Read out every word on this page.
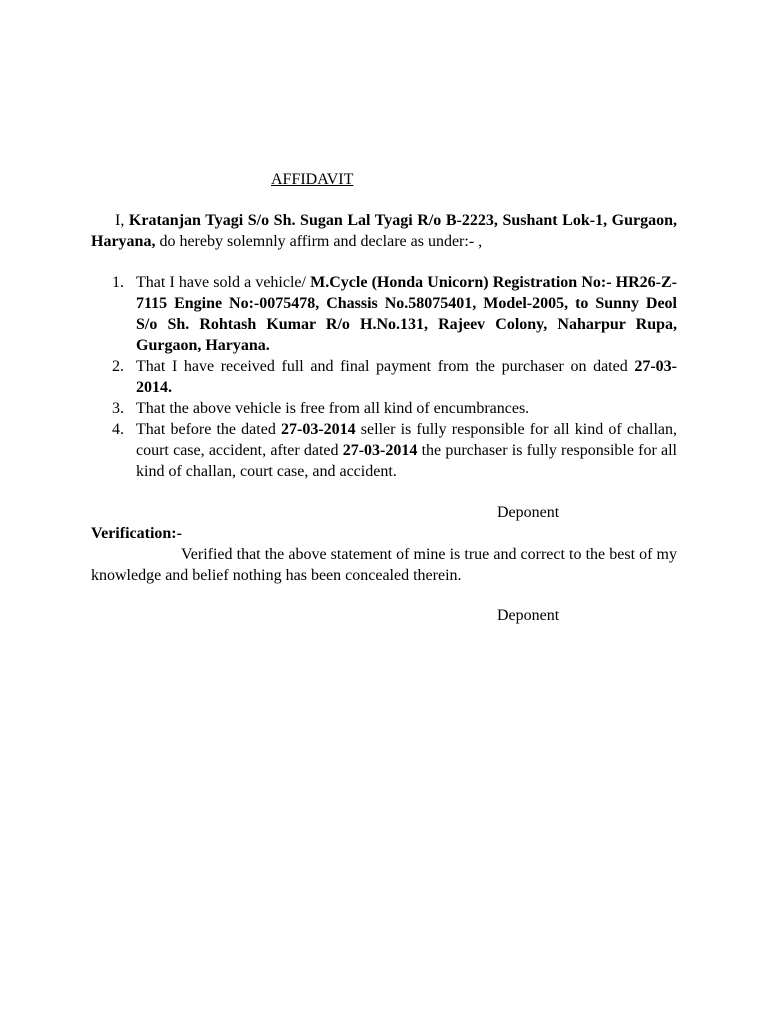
AFFIDAVIT

I, Kratanjan Tyagi S/o Sh. Sugan Lal Tyagi R/o B-2223, Sushant Lok-1, Gurgaon, Haryana, do hereby solemnly affirm and declare as under:- ,

1. That I have sold a vehicle/ M.Cycle (Honda Unicorn) Registration No:- HR26-Z-7115 Engine No:-0075478, Chassis No.58075401, Model-2005, to Sunny Deol S/o Sh. Rohtash Kumar R/o H.No.131, Rajeev Colony, Naharpur Rupa, Gurgaon, Haryana.
2. That I have received full and final payment from the purchaser on dated 27-03-2014.
3. That the above vehicle is free from all kind of encumbrances.
4. That before the dated 27-03-2014 seller is fully responsible for all kind of challan, court case, accident, after dated 27-03-2014 the purchaser is fully responsible for all kind of challan, court case, and accident.

Deponent

Verification:-

Verified that the above statement of mine is true and correct to the best of my knowledge and belief nothing has been concealed therein.

Deponent
